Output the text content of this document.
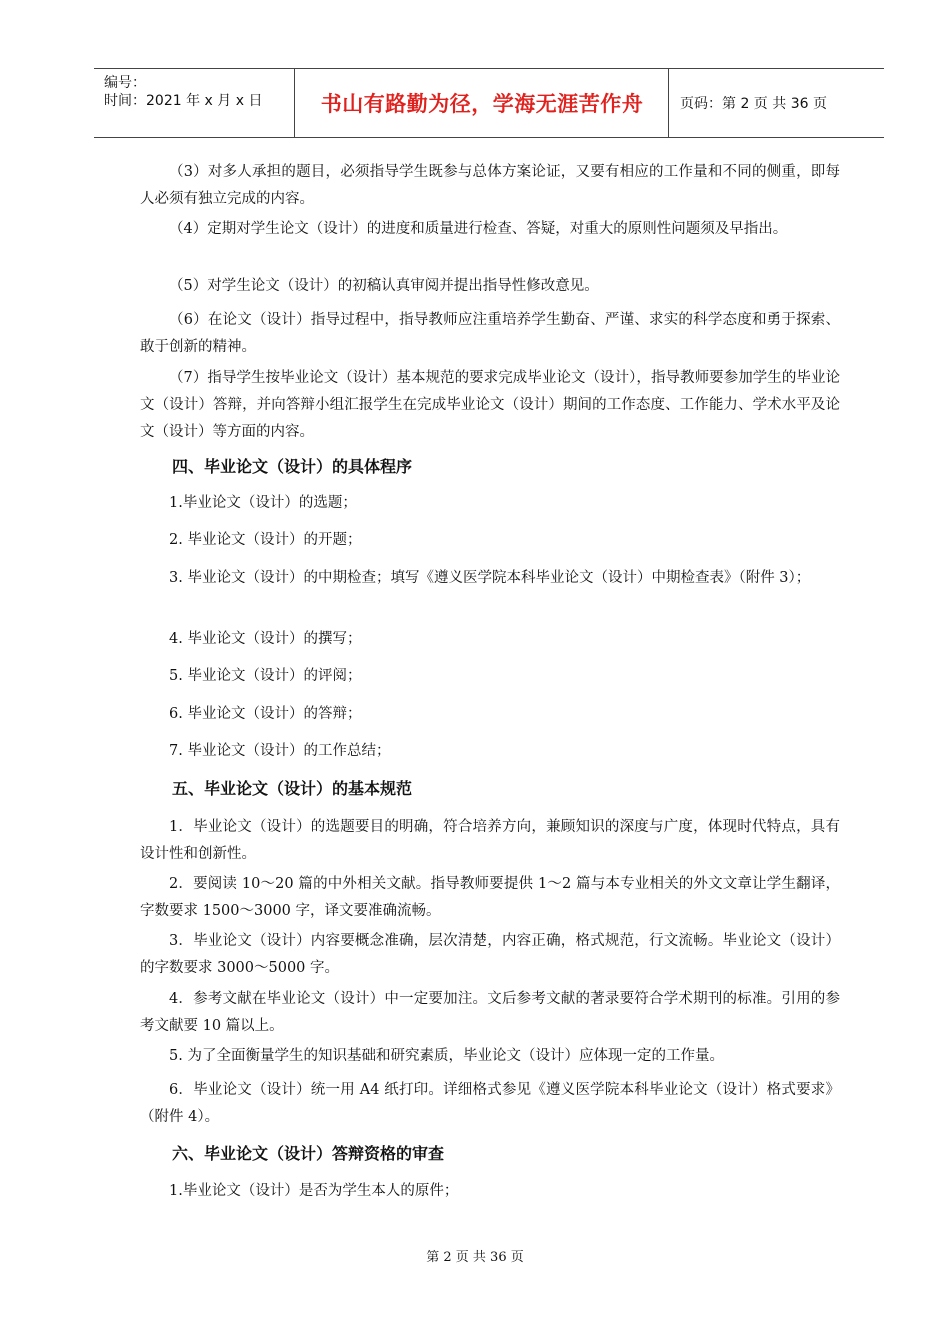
编号：
时间：2021 年 x 月 x 日	书山有路勤为径，学海无涯苦作舟	页码：第 2 页 共 36 页

（3）对多人承担的题目，必须指导学生既参与总体方案论证，又要有相应的工作量和不同的侧重，即每人必须有独立完成的内容。

（4）定期对学生论文（设计）的进度和质量进行检查、答疑，对重大的原则性问题须及早指出。

（5）对学生论文（设计）的初稿认真审阅并提出指导性修改意见。

（6）在论文（设计）指导过程中，指导教师应注重培养学生勤奋、严谨、求实的科学态度和勇于探索、敢于创新的精神。

（7）指导学生按毕业论文（设计）基本规范的要求完成毕业论文（设计），指导教师要参加学生的毕业论文（设计）答辩，并向答辩小组汇报学生在完成毕业论文（设计）期间的工作态度、工作能力、学术水平及论文（设计）等方面的内容。

四、毕业论文（设计）的具体程序

1.毕业论文（设计）的选题；

2. 毕业论文（设计）的开题；

3. 毕业论文（设计）的中期检查；填写《遵义医学院本科毕业论文（设计）中期检查表》（附件 3）；

4. 毕业论文（设计）的撰写；

5. 毕业论文（设计）的评阅；

6. 毕业论文（设计）的答辩；

7. 毕业论文（设计）的工作总结；

五、毕业论文（设计）的基本规范

1．毕业论文（设计）的选题要目的明确，符合培养方向，兼顾知识的深度与广度，体现时代特点，具有设计性和创新性。

2．要阅读 10～20 篇的中外相关文献。指导教师要提供 1～2 篇与本专业相关的外文文章让学生翻译，字数要求 1500～3000 字，译文要准确流畅。

3．毕业论文（设计）内容要概念准确，层次清楚，内容正确，格式规范，行文流畅。毕业论文（设计）的字数要求 3000～5000 字。

4．参考文献在毕业论文（设计）中一定要加注。文后参考文献的著录要符合学术期刊的标准。引用的参考文献要 10 篇以上。

5. 为了全面衡量学生的知识基础和研究素质，毕业论文（设计）应体现一定的工作量。

6．毕业论文（设计）统一用 A4 纸打印。详细格式参见《遵义医学院本科毕业论文（设计）格式要求》（附件 4）。

六、毕业论文（设计）答辩资格的审查

1.毕业论文（设计）是否为学生本人的原件；

第 2 页 共 36 页
